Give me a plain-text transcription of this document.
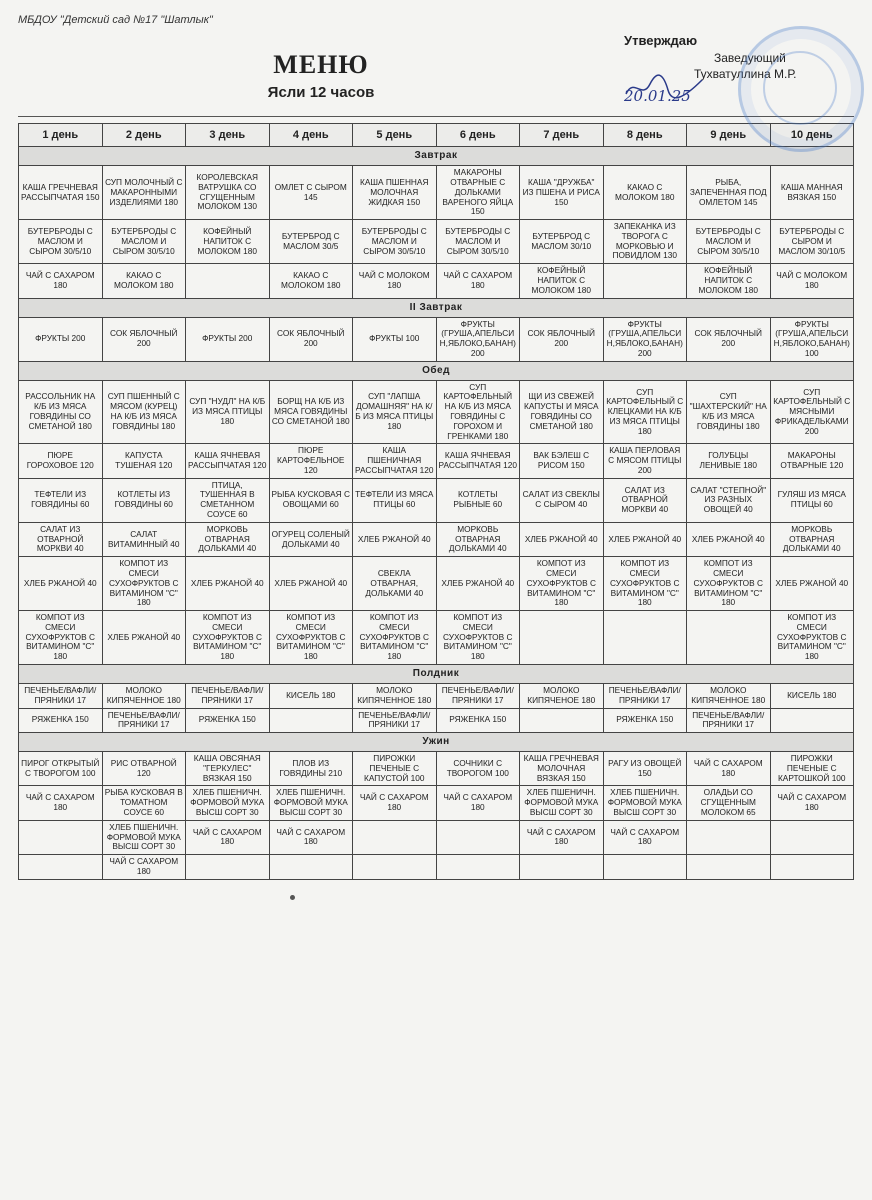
МБДОУ "Детский сад №17 "Шатлык"
МЕНЮ
Ясли 12 часов
Утверждаю
Заведующий
Тухватуллина М.Р.
20.01.25
1 день	2 день	3 день	4 день	5 день	6 день	7 день	8 день	9 день	10 день
Завтрак									
КАША ГРЕЧНЕВАЯ РАССЫПЧАТАЯ 150	СУП МОЛОЧНЫЙ С МАКАРОННЫМИ ИЗДЕЛИЯМИ 180	КОРОЛЕВСКАЯ ВАТРУШКА СО СГУЩЕННЫМ МОЛОКОМ 130	ОМЛЕТ С СЫРОМ 145	КАША ПШЕННАЯ МОЛОЧНАЯ ЖИДКАЯ 150	МАКАРОНЫ ОТВАРНЫЕ С ДОЛЬКАМИ ВАРЕНОГО ЯЙЦА 150	КАША "ДРУЖБА" ИЗ ПШЕНА И РИСА 150	КАКАО С МОЛОКОМ 180	РЫБА, ЗАПЕЧЕННАЯ ПОД ОМЛЕТОМ 145	КАША МАННАЯ ВЯЗКАЯ 150
БУТЕРБРОДЫ С МАСЛОМ И СЫРОМ 30/5/10	БУТЕРБРОДЫ С МАСЛОМ И СЫРОМ 30/5/10	КОФЕЙНЫЙ НАПИТОК С МОЛОКОМ 180	БУТЕРБРОД С МАСЛОМ 30/5	БУТЕРБРОДЫ С МАСЛОМ И СЫРОМ 30/5/10	БУТЕРБРОДЫ С МАСЛОМ И СЫРОМ 30/5/10	БУТЕРБРОД С МАСЛОМ 30/10	ЗАПЕКАНКА ИЗ ТВОРОГА С МОРКОВЬЮ И ПОВИДЛОМ 130	БУТЕРБРОДЫ С МАСЛОМ И СЫРОМ 30/5/10	БУТЕРБРОДЫ С СЫРОМ И МАСЛОМ 30/10/5
ЧАЙ С САХАРОМ 180	КАКАО С МОЛОКОМ 180		КАКАО С МОЛОКОМ 180	ЧАЙ С МОЛОКОМ 180	ЧАЙ С САХАРОМ 180	КОФЕЙНЫЙ НАПИТОК С МОЛОКОМ 180		КОФЕЙНЫЙ НАПИТОК С МОЛОКОМ 180	ЧАЙ С МОЛОКОМ 180
II Завтрак									
ФРУКТЫ 200	СОК ЯБЛОЧНЫЙ 200	ФРУКТЫ 200	СОК ЯБЛОЧНЫЙ 200	ФРУКТЫ 100	ФРУКТЫ (ГРУША,АПЕЛЬСИН,ЯБЛОКО,БАНАН) 200	СОК ЯБЛОЧНЫЙ 200	ФРУКТЫ (ГРУША,АПЕЛЬСИН,ЯБЛОКО,БАНАН) 200	СОК ЯБЛОЧНЫЙ 200	ФРУКТЫ (ГРУША,АПЕЛЬСИН,ЯБЛОКО,БАНАН) 100
Обед									
РАССОЛЬНИК НА К/Б ИЗ МЯСА ГОВЯДИНЫ СО СМЕТАНОЙ 180	СУП ПШЕННЫЙ С МЯСОМ (КУРЕЦ) НА К/Б ИЗ МЯСА ГОВЯДИНЫ 180	СУП "НУДЛ" НА К/Б ИЗ МЯСА ПТИЦЫ 180	БОРЩ НА К/Б ИЗ МЯСА ГОВЯДИНЫ СО СМЕТАНОЙ 180	СУП "ЛАПША ДОМАШНЯЯ" НА К/Б ИЗ МЯСА ПТИЦЫ 180	СУП КАРТОФЕЛЬНЫЙ НА К/Б ИЗ МЯСА ГОВЯДИНЫ С ГОРОХОМ И ГРЕНКАМИ 180	ЩИ ИЗ СВЕЖЕЙ КАПУСТЫ И МЯСА ГОВЯДИНЫ СО СМЕТАНОЙ 180	СУП КАРТОФЕЛЬНЫЙ С КЛЕЦКАМИ НА К/Б ИЗ МЯСА ПТИЦЫ 180	СУП "ШАХТЕРСКИЙ" НА К/Б ИЗ МЯСА ГОВЯДИНЫ 180	СУП КАРТОФЕЛЬНЫЙ С МЯСНЫМИ ФРИКАДЕЛЬКАМИ 200
ПЮРЕ ГОРОХОВОЕ 120	КАПУСТА ТУШЕНАЯ 120	КАША ЯЧНЕВАЯ РАССЫПЧАТАЯ 120	ПЮРЕ КАРТОФЕЛЬНОЕ 120	КАША ПШЕНИЧНАЯ РАССЫПЧАТАЯ 120	КАША ЯЧНЕВАЯ РАССЫПЧАТАЯ 120	ВАК БЭЛЕШ С РИСОМ 150	КАША ПЕРЛОВАЯ С МЯСОМ ПТИЦЫ 200	ГОЛУБЦЫ ЛЕНИВЫЕ 180	МАКАРОНЫ ОТВАРНЫЕ 120
ТЕФТЕЛИ ИЗ ГОВЯДИНЫ 60	КОТЛЕТЫ ИЗ ГОВЯДИНЫ 60	ПТИЦА, ТУШЕННАЯ В СМЕТАННОМ СОУСЕ 60	РЫБА КУСКОВАЯ С ОВОЩАМИ 60	ТЕФТЕЛИ ИЗ МЯСА ПТИЦЫ 60	КОТЛЕТЫ РЫБНЫЕ 60	САЛАТ ИЗ СВЕКЛЫ С СЫРОМ 40	САЛАТ ИЗ ОТВАРНОЙ МОРКВИ 40	САЛАТ "СТЕПНОЙ" ИЗ РАЗНЫХ ОВОЩЕЙ 40	ГУЛЯШ ИЗ МЯСА ПТИЦЫ 60
САЛАТ ИЗ ОТВАРНОЙ МОРКВИ 40	САЛАТ ВИТАМИННЫЙ 40	МОРКОВЬ ОТВАРНАЯ ДОЛЬКАМИ 40	ОГУРЕЦ СОЛЕНЫЙ ДОЛЬКАМИ 40	ХЛЕБ РЖАНОЙ 40	МОРКОВЬ ОТВАРНАЯ ДОЛЬКАМИ 40	ХЛЕБ РЖАНОЙ 40	ХЛЕБ РЖАНОЙ 40	ХЛЕБ РЖАНОЙ 40	МОРКОВЬ ОТВАРНАЯ ДОЛЬКАМИ 40
ХЛЕБ РЖАНОЙ 40	КОМПОТ ИЗ СМЕСИ СУХОФРУКТОВ С ВИТАМИНОМ "С" 180	ХЛЕБ РЖАНОЙ 40	ХЛЕБ РЖАНОЙ 40	СВЕКЛА ОТВАРНАЯ, ДОЛЬКАМИ 40	ХЛЕБ РЖАНОЙ 40	КОМПОТ ИЗ СМЕСИ СУХОФРУКТОВ С ВИТАМИНОМ "С" 180	КОМПОТ ИЗ СМЕСИ СУХОФРУКТОВ С ВИТАМИНОМ "С" 180	КОМПОТ ИЗ СМЕСИ СУХОФРУКТОВ С ВИТАМИНОМ "С" 180	ХЛЕБ РЖАНОЙ 40
КОМПОТ ИЗ СМЕСИ СУХОФРУКТОВ С ВИТАМИНОМ "С" 180	ХЛЕБ РЖАНОЙ 40	КОМПОТ ИЗ СМЕСИ СУХОФРУКТОВ С ВИТАМИНОМ "С" 180	КОМПОТ ИЗ СМЕСИ СУХОФРУКТОВ С ВИТАМИНОМ "С" 180	КОМПОТ ИЗ СМЕСИ СУХОФРУКТОВ С ВИТАМИНОМ "С" 180	КОМПОТ ИЗ СМЕСИ СУХОФРУКТОВ С ВИТАМИНОМ "С" 180				КОМПОТ ИЗ СМЕСИ СУХОФРУКТОВ С ВИТАМИНОМ "С" 180
Полдник									
ПЕЧЕНЬЕ/ВАФЛИ/ПРЯНИКИ 17	МОЛОКО КИПЯЧЕННОЕ 180	ПЕЧЕНЬЕ/ВАФЛИ/ПРЯНИКИ 17	КИСЕЛЬ 180	МОЛОКО КИПЯЧЕННОЕ 180	ПЕЧЕНЬЕ/ВАФЛИ/ПРЯНИКИ 17	МОЛОКО КИПЯЧЕНОЕ 180	ПЕЧЕНЬЕ/ВАФЛИ/ПРЯНИКИ 17	МОЛОКО КИПЯЧЕННОЕ 180	КИСЕЛЬ 180
РЯЖЕНКА 150	ПЕЧЕНЬЕ/ВАФЛИ/ПРЯНИКИ 17	РЯЖЕНКА 150		ПЕЧЕНЬЕ/ВАФЛИ/ПРЯНИКИ 17	РЯЖЕНКА 150		РЯЖЕНКА 150	ПЕЧЕНЬЕ/ВАФЛИ/ПРЯНИКИ 17	
Ужин									
ПИРОГ ОТКРЫТЫЙ С ТВОРОГОМ 100	РИС ОТВАРНОЙ 120	КАША ОВСЯНАЯ "ГЕРКУЛЕС" ВЯЗКАЯ 150	ПЛОВ ИЗ ГОВЯДИНЫ 210	ПИРОЖКИ ПЕЧЕНЫЕ С КАПУСТОЙ 100	СОЧНИКИ С ТВОРОГОМ 100	КАША ГРЕЧНЕВАЯ МОЛОЧНАЯ ВЯЗКАЯ 150	РАГУ ИЗ ОВОЩЕЙ 150	ЧАЙ С САХАРОМ 180	ПИРОЖКИ ПЕЧЕНЫЕ С КАРТОШКОЙ 100
ЧАЙ С САХАРОМ 180	РЫБА КУСКОВАЯ В ТОМАТНОМ СОУСЕ 60	ХЛЕБ ПШЕНИЧН. ФОРМОВОЙ МУКА ВЫСШ СОРТ 30	ХЛЕБ ПШЕНИЧН. ФОРМОВОЙ МУКА ВЫСШ СОРТ 30	ЧАЙ С САХАРОМ 180	ЧАЙ С САХАРОМ 180	ХЛЕБ ПШЕНИЧН. ФОРМОВОЙ МУКА ВЫСШ СОРТ 30	ХЛЕБ ПШЕНИЧН. ФОРМОВОЙ МУКА ВЫСШ СОРТ 30	ОЛАДЬИ СО СГУЩЕННЫМ МОЛОКОМ 65	ЧАЙ С САХАРОМ 180
	ХЛЕБ ПШЕНИЧН. ФОРМОВОЙ МУКА ВЫСШ СОРТ 30	ЧАЙ С САХАРОМ 180	ЧАЙ С САХАРОМ 180			ЧАЙ С САХАРОМ 180	ЧАЙ С САХАРОМ 180		
	ЧАЙ С САХАРОМ 180								
